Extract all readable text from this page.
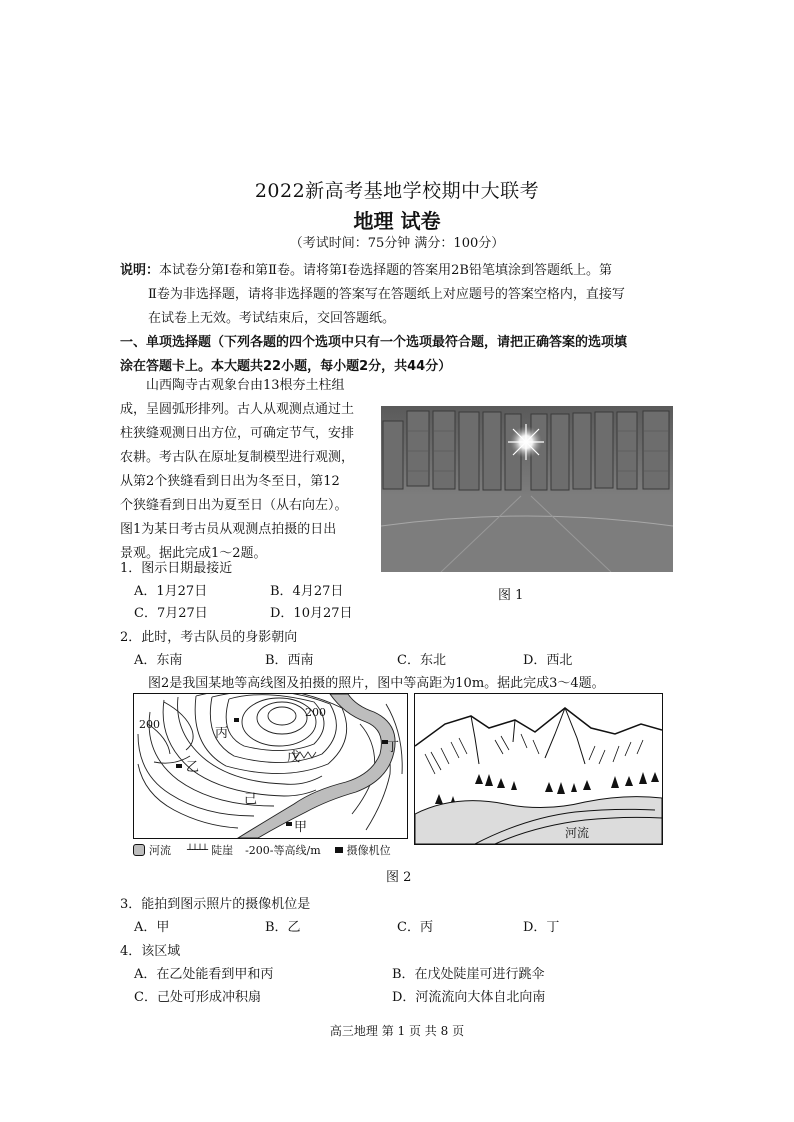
2022新高考基地学校期中大联考
地理 试卷
（考试时间：75分钟 满分：100分）
说明：本试卷分第Ⅰ卷和第Ⅱ卷。请将第Ⅰ卷选择题的答案用2B铅笔填涂到答题纸上。第
Ⅱ卷为非选择题，请将非选择题的答案写在答题纸上对应题号的答案空格内，直接写
在试卷上无效。考试结束后，交回答题纸。
一、单项选择题（下列各题的四个选项中只有一个选项最符合题，请把正确答案的选项填
涂在答题卡上。本大题共22小题，每小题2分，共44分）
山西陶寺古观象台由13根夯土柱组
成，呈圆弧形排列。古人从观测点通过土
柱狭缝观测日出方位，可确定节气，安排
农耕。考古队在原址复制模型进行观测，
从第2个狭缝看到日出为冬至日，第12
个狭缝看到日出为夏至日（从右向左）。
图1为某日考古员从观测点拍摄的日出
景观。据此完成1～2题。
图 1
1．图示日期最接近
A．1月27日	B．4月27日
C．7月27日	D．10月27日
2．此时，考古队员的身影朝向
A．东南	B．西南	C．东北	D．西北
图2是我国某地等高线图及拍摄的照片，图中等高距为10m。据此完成3～4题。
200
200
丙
戊
乙
己
甲
丁
河流
河流 ┴┴┴┴ 陡崖 -200-等高线/m 摄像机位
图 2
3．能拍到图示照片的摄像机位是
A．甲	B．乙	C．丙	D．丁
4．该区域
A．在乙处能看到甲和丙	B．在戊处陡崖可进行跳伞
C．己处可形成冲积扇	D．河流流向大体自北向南
高三地理 第 1 页 共 8 页
